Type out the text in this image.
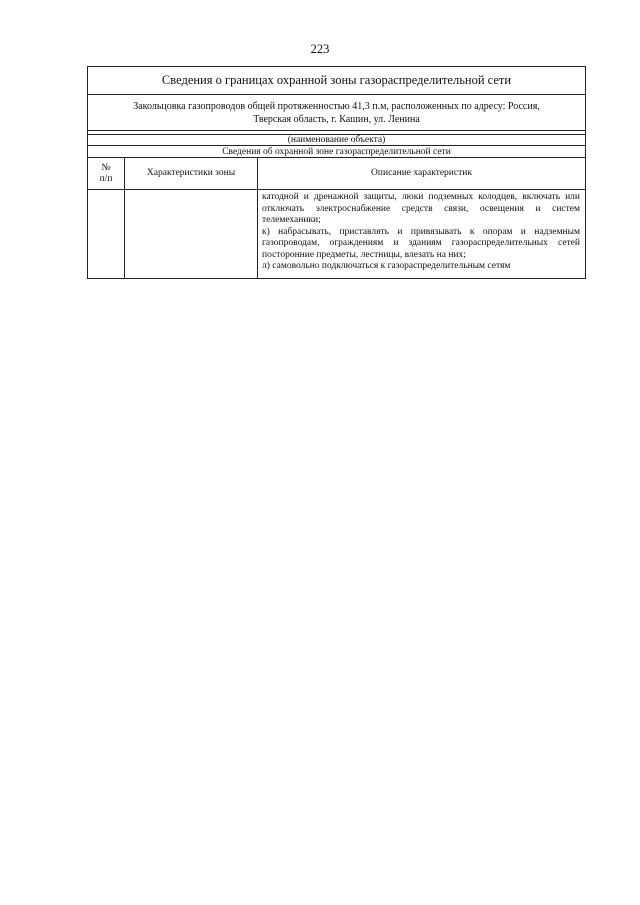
223
Сведения о границах охранной зоны газораспределительной сети
Закольцовка газопроводов общей протяженностью 41,3 п.м, расположенных по адресу: Россия,
Тверская область, г. Кашин, ул. Ленина
(наименование объекта)
Сведения об охранной зоне газораспределительной сети
№
п/п	Характеристики зоны	Описание характеристик

		катодной и дренажной защиты, люки подземных колодцев, включать или отключать электроснабжение средств связи, освещения и систем телемеханики;

к) набрасывать, приставлять и привязывать к опорам и надземным газопроводам, ограждениям и зданиям газораспределительных сетей посторонние предметы, лестницы, влезать на них;

л) самовольно подключаться к газораспределительным сетям
